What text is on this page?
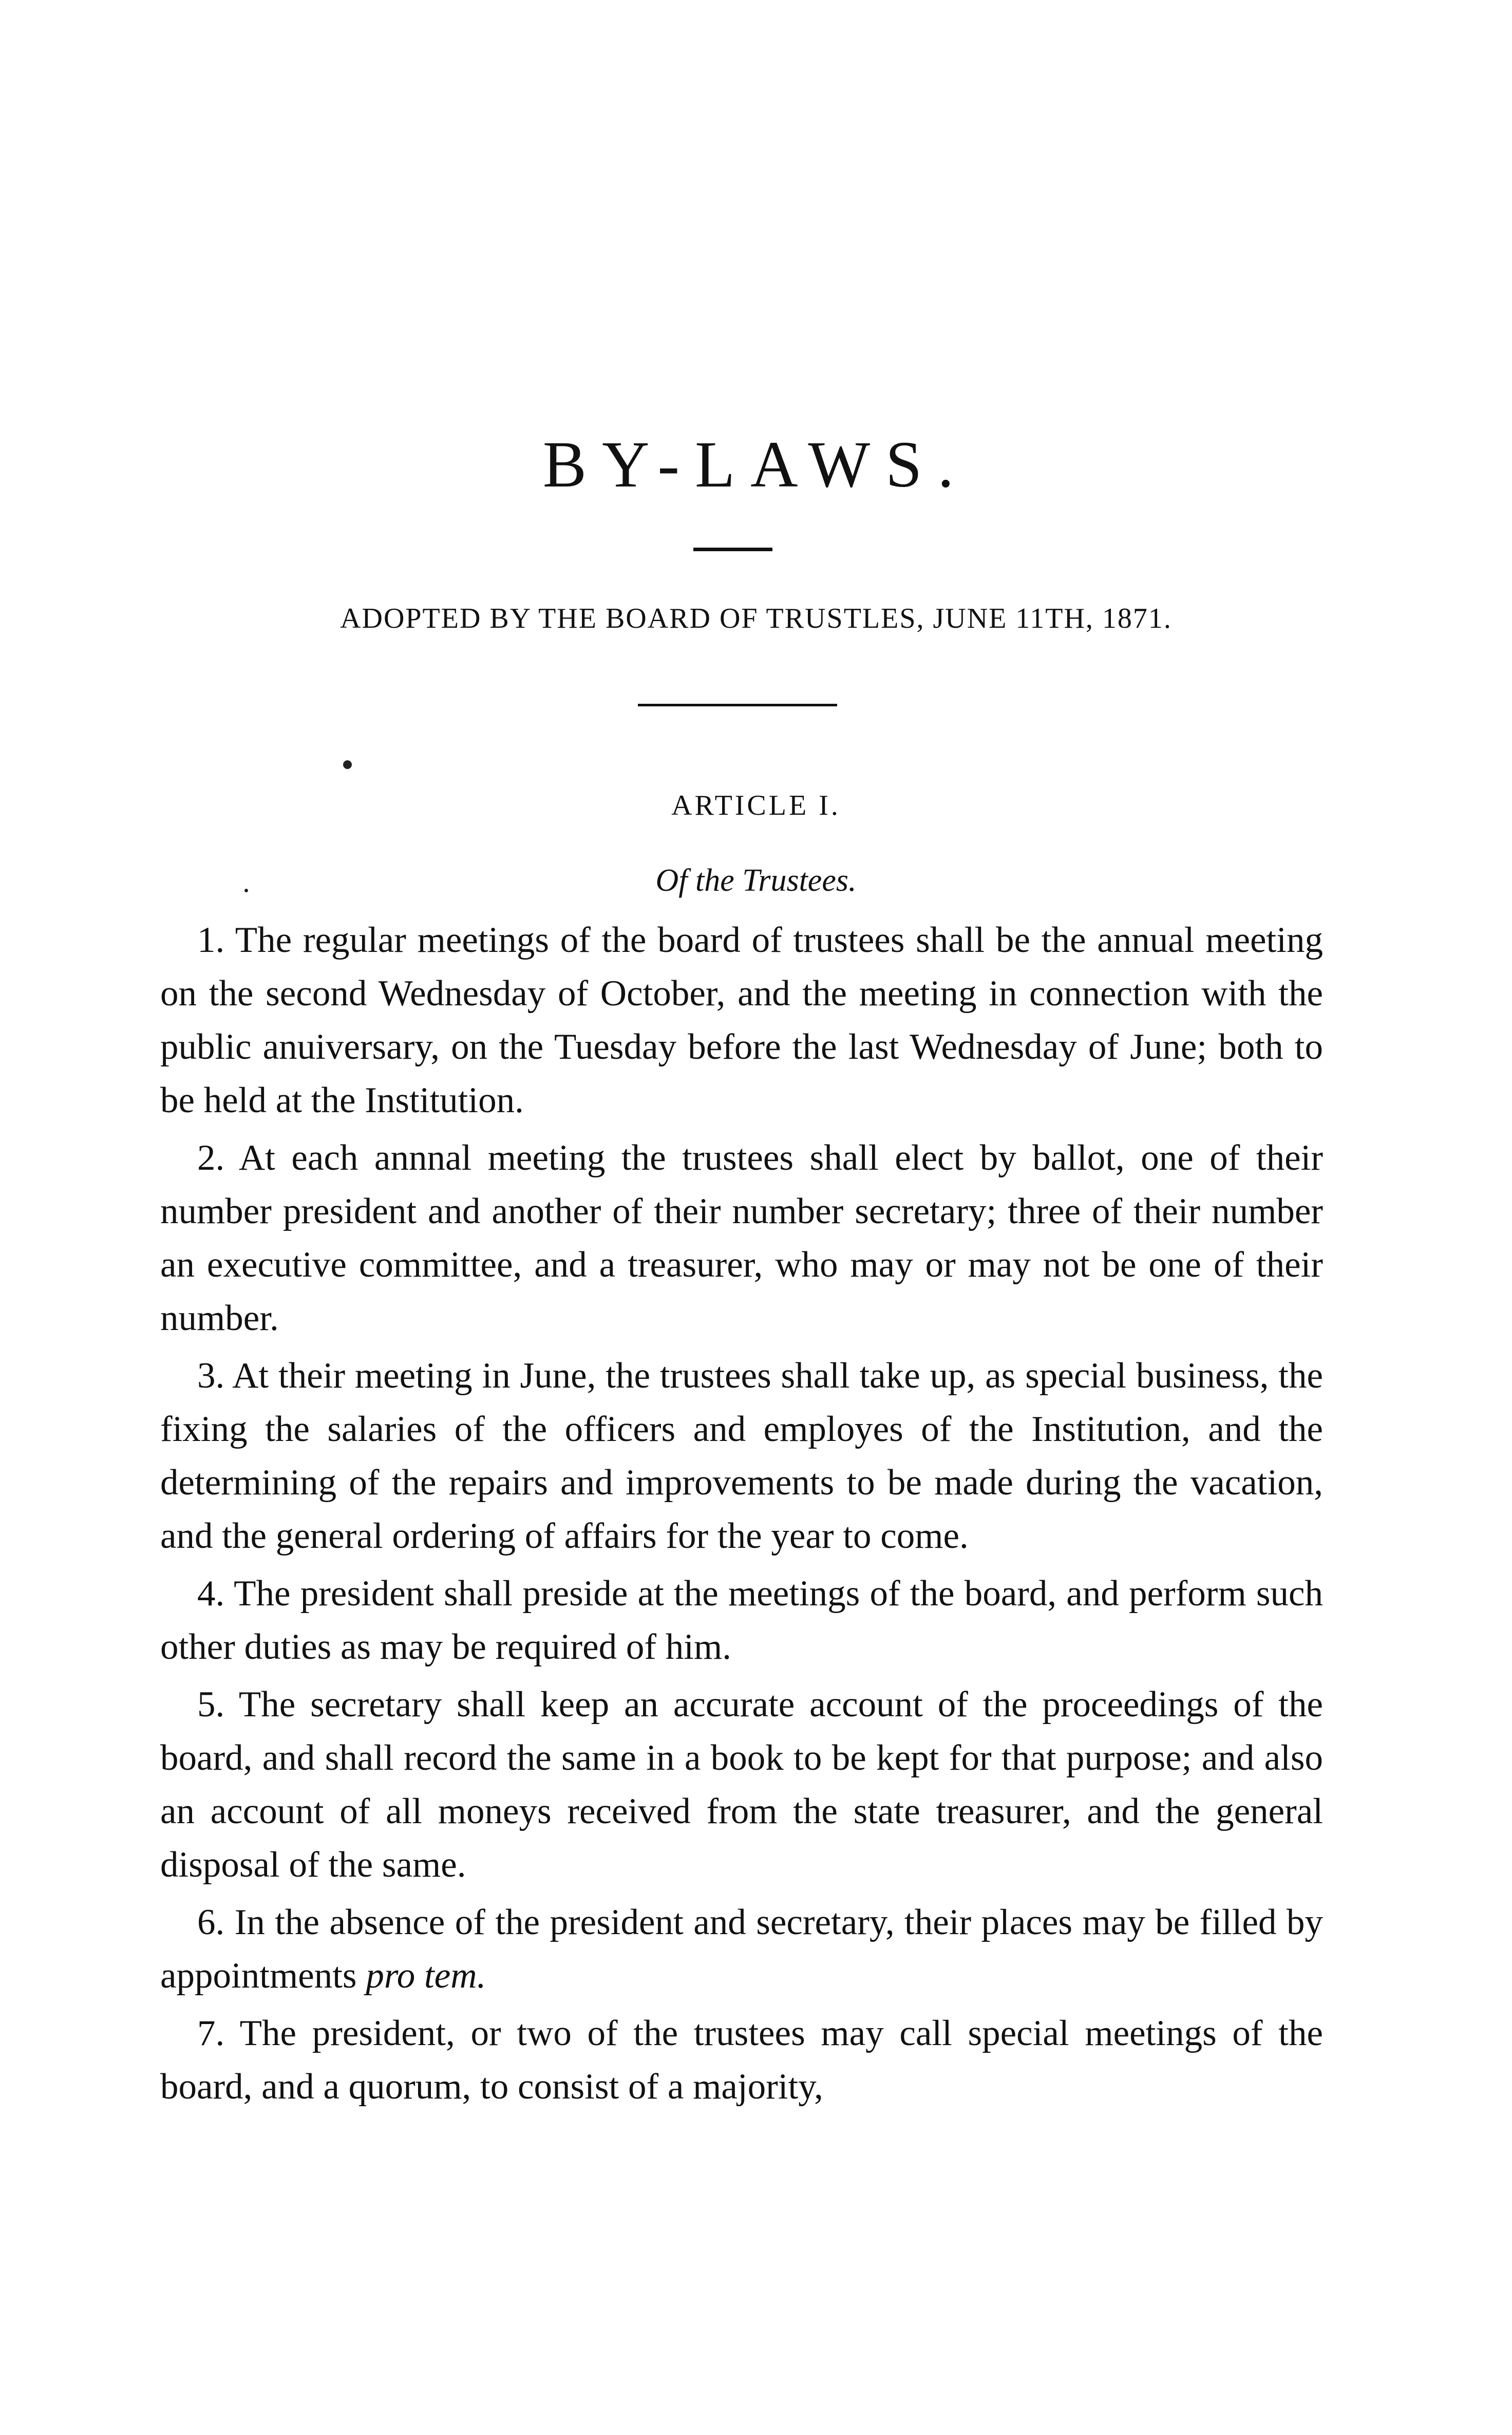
BY-LAWS.
ADOPTED BY THE BOARD OF TRUSTLES, JUNE 11TH, 1871.
ARTICLE I.
Of the Trustees.

1. The regular meetings of the board of trustees shall be the annual meeting on the second Wednesday of October, and the meeting in connection with the public anuiversary, on the Tuesday before the last Wednesday of June; both to be held at the Institution.

2. At each annnal meeting the trustees shall elect by ballot, one of their number president and another of their number secretary; three of their number an executive committee, and a treasurer, who may or may not be one of their number.

3. At their meeting in June, the trustees shall take up, as special business, the fixing the salaries of the officers and employes of the Institution, and the determining of the repairs and improvements to be made during the vacation, and the general ordering of affairs for the year to come.

4. The president shall preside at the meetings of the board, and perform such other duties as may be required of him.

5. The secretary shall keep an accurate account of the proceedings of the board, and shall record the same in a book to be kept for that purpose; and also an account of all moneys received from the state treasurer, and the general disposal of the same.

6. In the absence of the president and secretary, their places may be filled by appointments pro tem.

7. The president, or two of the trustees may call special meetings of the board, and a quorum, to consist of a majority,
